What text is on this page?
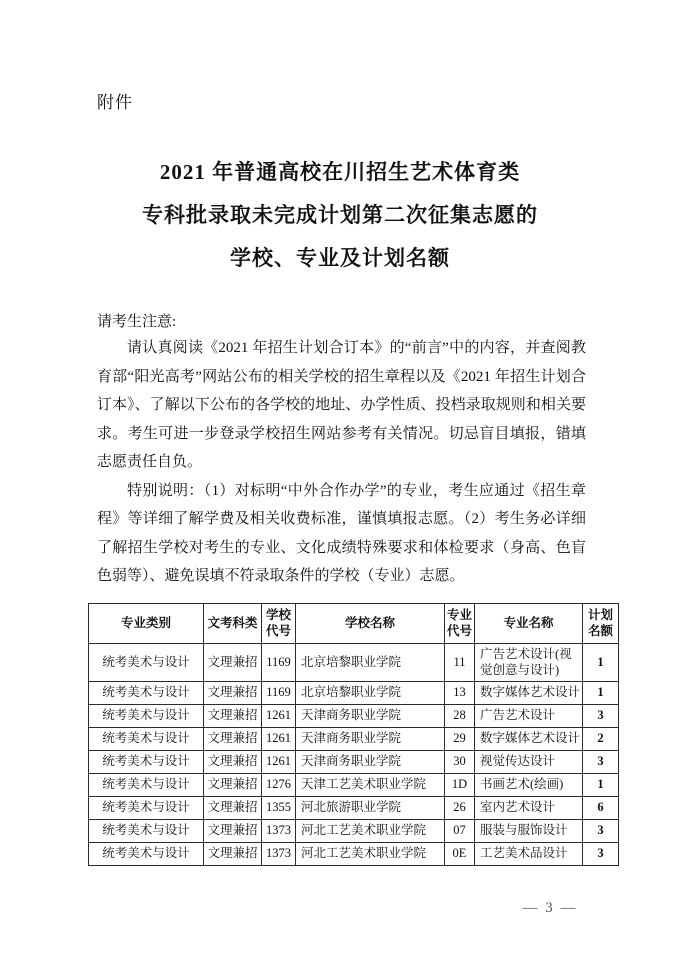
附件
2021 年普通高校在川招生艺术体育类
专科批录取未完成计划第二次征集志愿的
学校、专业及计划名额
请考生注意:

请认真阅读《2021 年招生计划合订本》的“前言”中的内容，并查阅教育部“阳光高考”网站公布的相关学校的招生章程以及《2021 年招生计划合订本》、了解以下公布的各学校的地址、办学性质、投档录取规则和相关要求。考生可进一步登录学校招生网站参考有关情况。切忌盲目填报，错填志愿责任自负。

特别说明：（1）对标明“中外合作办学”的专业，考生应通过《招生章程》等详细了解学费及相关收费标准，谨慎填报志愿。（2）考生务必详细了解招生学校对考生的专业、文化成绩特殊要求和体检要求（身高、色盲色弱等）、避免误填不符录取条件的学校（专业）志愿。

专业类别	文考科类	学校代号	学校名称	专业代号	专业名称	计划名额
统考美术与设计	文理兼招	1169	北京培黎职业学院	11	广告艺术设计(视觉创意与设计)	1
统考美术与设计	文理兼招	1169	北京培黎职业学院	13	数字媒体艺术设计	1
统考美术与设计	文理兼招	1261	天津商务职业学院	28	广告艺术设计	3
统考美术与设计	文理兼招	1261	天津商务职业学院	29	数字媒体艺术设计	2
统考美术与设计	文理兼招	1261	天津商务职业学院	30	视觉传达设计	3
统考美术与设计	文理兼招	1276	天津工艺美术职业学院	1D	书画艺术(绘画)	1
统考美术与设计	文理兼招	1355	河北旅游职业学院	26	室内艺术设计	6
统考美术与设计	文理兼招	1373	河北工艺美术职业学院	07	服装与服饰设计	3
统考美术与设计	文理兼招	1373	河北工艺美术职业学院	0E	工艺美术品设计	3
— 3 —
